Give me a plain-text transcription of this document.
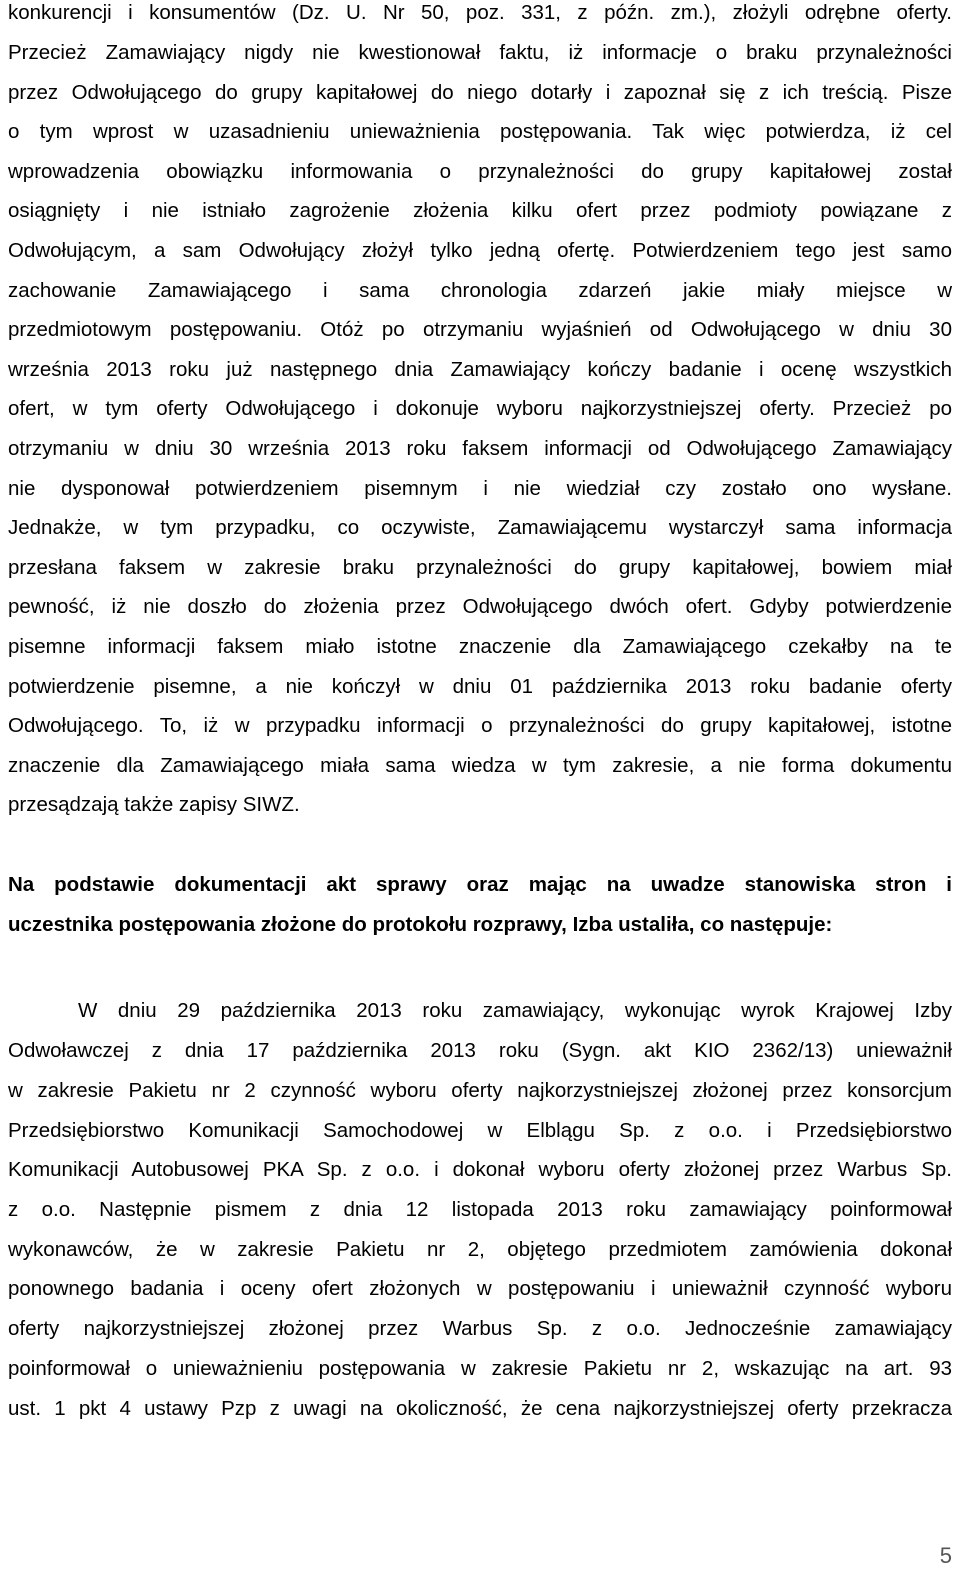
konkurencji i konsumentów (Dz. U. Nr 50, poz. 331, z późn. zm.), złożyli odrębne oferty.
Przecież Zamawiający nigdy nie kwestionował faktu, iż informacje o braku przynależności
przez Odwołującego do grupy kapitałowej do niego dotarły i zapoznał się z ich treścią. Pisze
o tym wprost w uzasadnieniu unieważnienia postępowania. Tak więc potwierdza, iż cel
wprowadzenia obowiązku informowania o przynależności do grupy kapitałowej został
osiągnięty i nie istniało zagrożenie złożenia kilku ofert przez podmioty powiązane z
Odwołującym, a sam Odwołujący złożył tylko jedną ofertę. Potwierdzeniem tego jest samo
zachowanie Zamawiającego i sama chronologia zdarzeń jakie miały miejsce w
przedmiotowym postępowaniu. Otóż po otrzymaniu wyjaśnień od Odwołującego w dniu 30
września 2013 roku już następnego dnia Zamawiający kończy badanie i ocenę wszystkich
ofert, w tym oferty Odwołującego i dokonuje wyboru najkorzystniejszej oferty. Przecież po
otrzymaniu w dniu 30 września 2013 roku faksem informacji od Odwołującego Zamawiający
nie dysponował potwierdzeniem pisemnym i nie wiedział czy zostało ono wysłane.
Jednakże, w tym przypadku, co oczywiste, Zamawiającemu wystarczył sama informacja
przesłana faksem w zakresie braku przynależności do grupy kapitałowej, bowiem miał
pewność, iż nie doszło do złożenia przez Odwołującego dwóch ofert. Gdyby potwierdzenie
pisemne informacji faksem miało istotne znaczenie dla Zamawiającego czekałby na te
potwierdzenie pisemne, a nie kończył w dniu 01 października 2013 roku badanie oferty
Odwołującego. To, iż w przypadku informacji o przynależności do grupy kapitałowej, istotne
znaczenie dla Zamawiającego miała sama wiedza w tym zakresie, a nie forma dokumentu
przesądzają także zapisy SIWZ.
Na podstawie dokumentacji akt sprawy oraz mając na uwadze stanowiska stron i
uczestnika postępowania złożone do protokołu rozprawy, Izba ustaliła, co następuje:
W dniu 29 października 2013 roku zamawiający, wykonując wyrok Krajowej Izby
Odwoławczej z dnia 17 października 2013 roku (Sygn. akt KIO 2362/13) unieważnił
w zakresie Pakietu nr 2 czynność wyboru oferty najkorzystniejszej złożonej przez konsorcjum
Przedsiębiorstwo Komunikacji Samochodowej w Elblągu Sp. z o.o. i Przedsiębiorstwo
Komunikacji Autobusowej PKA Sp. z o.o. i dokonał wyboru oferty złożonej przez Warbus Sp.
z o.o. Następnie pismem z dnia 12 listopada 2013 roku zamawiający poinformował
wykonawców, że w zakresie Pakietu nr 2, objętego przedmiotem zamówienia dokonał
ponownego badania i oceny ofert złożonych w postępowaniu i unieważnił czynność wyboru
oferty najkorzystniejszej złożonej przez Warbus Sp. z o.o. Jednocześnie zamawiający
poinformował o unieważnieniu postępowania w zakresie Pakietu nr 2, wskazując na art. 93
ust. 1 pkt 4 ustawy Pzp z uwagi na okoliczność, że cena najkorzystniejszej oferty przekracza
5
